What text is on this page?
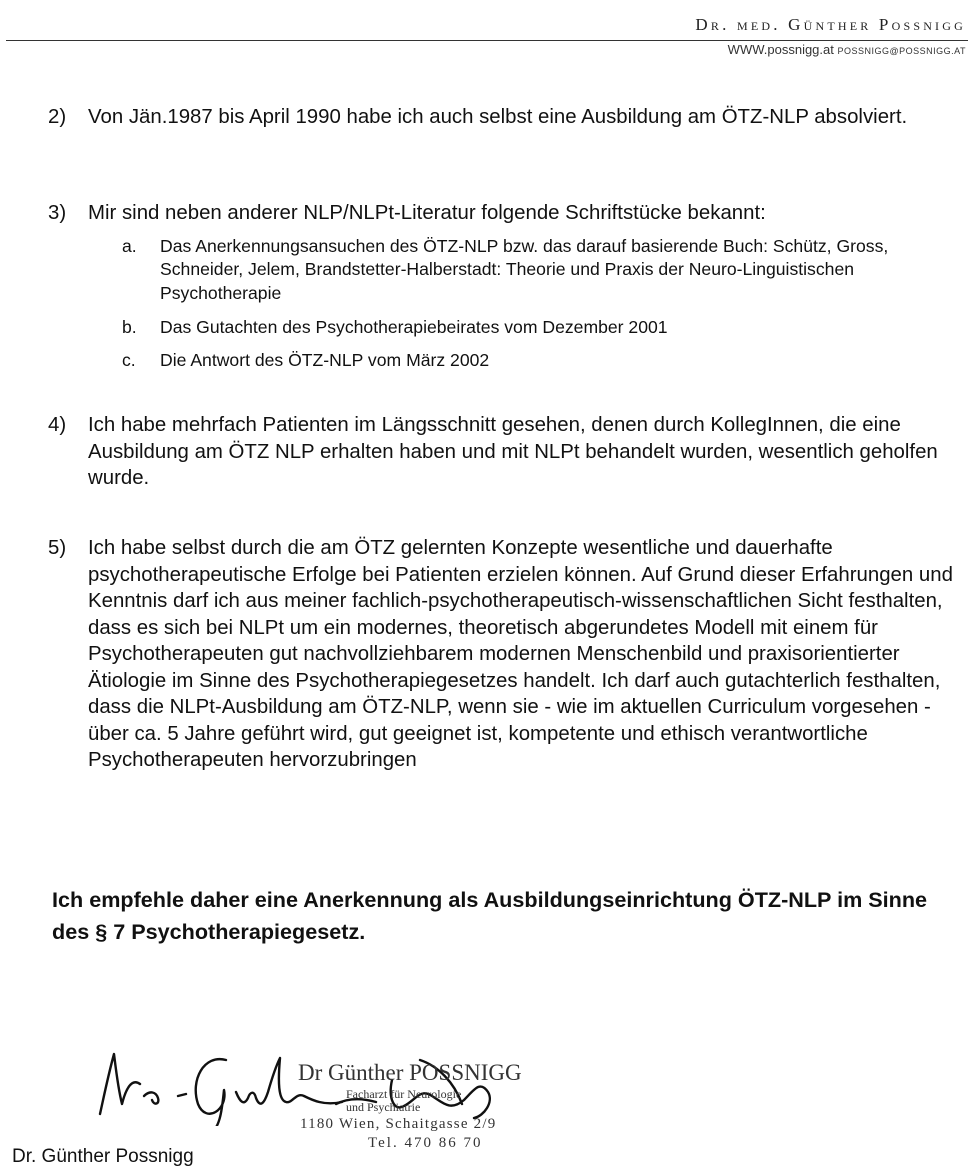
Dr. med. Günther Possnigg
WWW.possnigg.at POSSNIGG@POSSNIGG.AT
2) Von Jän.1987 bis April 1990 habe ich auch selbst eine Ausbildung am ÖTZ-NLP absolviert.
3) Mir sind neben anderer NLP/NLPt-Literatur folgende Schriftstücke bekannt:
a. Das Anerkennungsansuchen des ÖTZ-NLP bzw. das darauf basierende Buch: Schütz, Gross, Schneider, Jelem, Brandstetter-Halberstadt: Theorie und Praxis der Neuro-Linguistischen Psychotherapie
b. Das Gutachten des Psychotherapiebeirates vom Dezember 2001
c. Die Antwort des ÖTZ-NLP vom März 2002
4) Ich habe mehrfach Patienten im Längsschnitt gesehen, denen durch KollegInnen, die eine Ausbildung am ÖTZ NLP erhalten haben und mit NLPt behandelt wurden, wesentlich geholfen wurde.
5) Ich habe selbst durch die am ÖTZ gelernten Konzepte wesentliche und dauerhafte psychotherapeutische Erfolge bei Patienten erzielen können. Auf Grund dieser Erfahrungen und Kenntnis darf ich aus meiner fachlich-psychotherapeutisch-wissenschaftlichen Sicht festhalten, dass es sich bei NLPt um ein modernes, theoretisch abgerundetes Modell mit einem für Psychotherapeuten gut nachvollziehbarem modernen Menschenbild und praxisorientierter Ätiologie im Sinne des Psychotherapiegesetzes handelt. Ich darf auch gutachterlich festhalten, dass die NLPt-Ausbildung am ÖTZ-NLP, wenn sie - wie im aktuellen Curriculum vorgesehen - über ca. 5 Jahre geführt wird, gut geeignet ist, kompetente und ethisch verantwortliche Psychotherapeuten hervorzubringen
Ich empfehle daher eine Anerkennung als Ausbildungseinrichtung ÖTZ-NLP im Sinne des § 7 Psychotherapiegesetz.
Dr Günther POSSNIGG
Facharzt für Neurologie
und Psychiatrie
1180 Wien, Schaitgasse 2/9
Tel. 470 86 70
Dr. Günther Possnigg
